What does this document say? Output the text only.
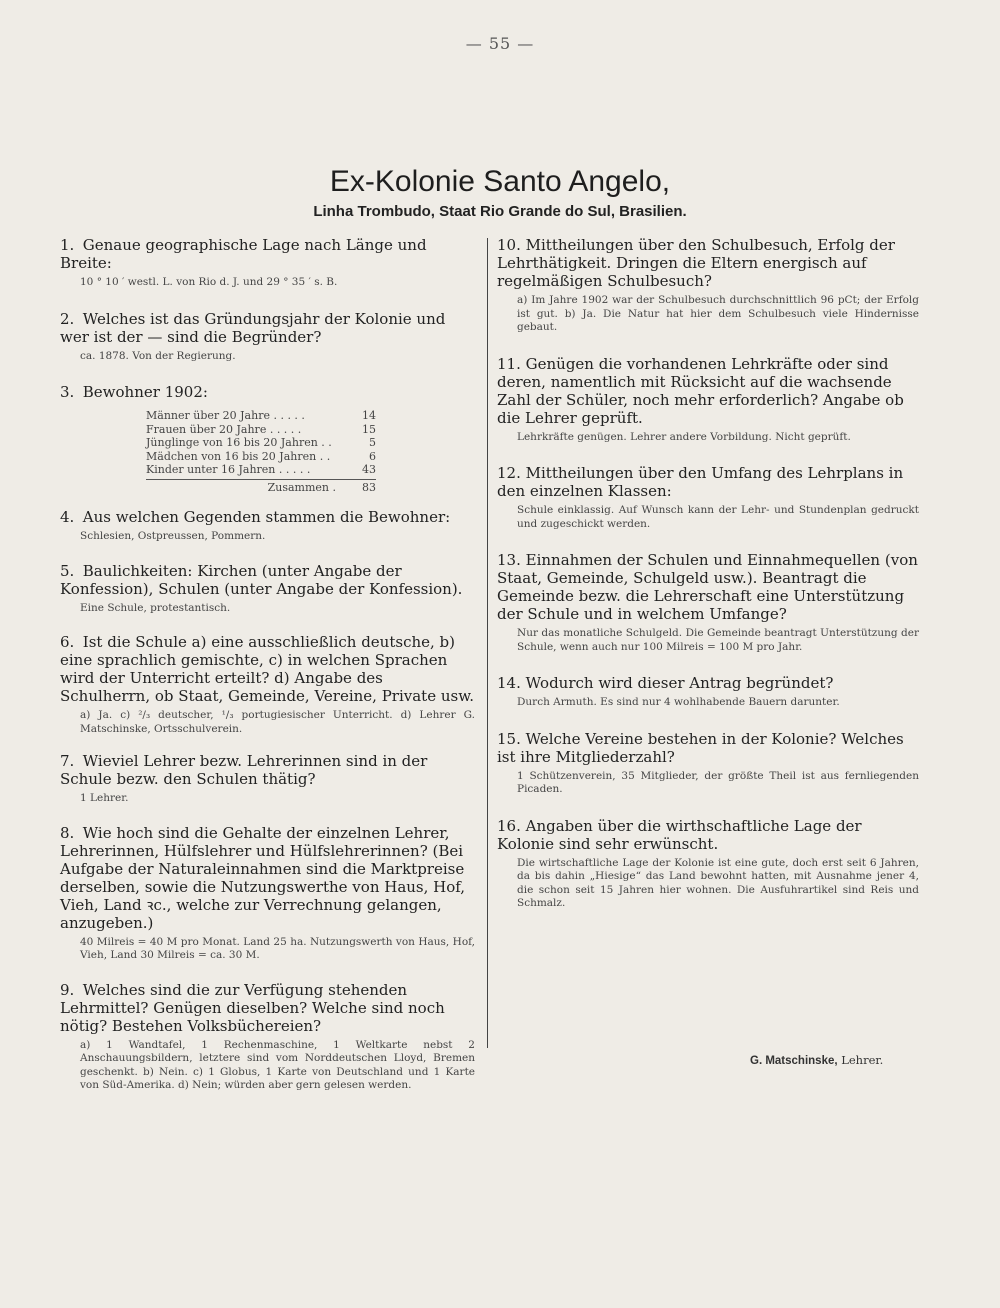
— 55 —
Ex-Kolonie Santo Angelo,
Linha Trombudo, Staat Rio Grande do Sul, Brasilien.
1. Genaue geographische Lage nach Länge und Breite:

10 ° 10 ′ westl. L. von Rio d. J. und 29 ° 35 ′ s. B.

2. Welches ist das Gründungsjahr der Kolonie und wer ist der — sind die Begründer?

ca. 1878. Von der Regierung.

3. Bewohner 1902:
Männer über 20 Jahre . . . . .	14
Frauen über 20 Jahre . . . . .	15
Jünglinge von 16 bis 20 Jahren . .	5
Mädchen von 16 bis 20 Jahren . .	6
Kinder unter 16 Jahren . . . . .	43
Zusammen . 83
4. Aus welchen Gegenden stammen die Bewohner:

Schlesien, Ostpreussen, Pommern.

5. Baulichkeiten: Kirchen (unter Angabe der Konfession), Schulen (unter Angabe der Konfession).

Eine Schule, protestantisch.

6. Ist die Schule a) eine ausschließlich deutsche, b) eine sprachlich gemischte, c) in welchen Sprachen wird der Unterricht erteilt? d) Angabe des Schulherrn, ob Staat, Gemeinde, Vereine, Private usw.

a) Ja. c) ²/₃ deutscher, ¹/₃ portugiesischer Unterricht. d) Lehrer G. Matschinske, Ortsschulverein.

7. Wieviel Lehrer bezw. Lehrerinnen sind in der Schule bezw. den Schulen thätig?

1 Lehrer.

8. Wie hoch sind die Gehalte der einzelnen Lehrer, Lehrerinnen, Hülfslehrer und Hülfslehrerinnen? (Bei Aufgabe der Naturaleinnahmen sind die Marktpreise derselben, sowie die Nutzungswerthe von Haus, Hof, Vieh, Land ꝛc., welche zur Verrechnung gelangen, anzugeben.)

40 Milreis = 40 M pro Monat. Land 25 ha. Nutzungswerth von Haus, Hof, Vieh, Land 30 Milreis = ca. 30 M.

9. Welches sind die zur Verfügung stehenden Lehrmittel? Genügen dieselben? Welche sind noch nötig? Bestehen Volksbüchereien?

a) 1 Wandtafel, 1 Rechenmaschine, 1 Weltkarte nebst 2 Anschauungsbildern, letztere sind vom Norddeutschen Lloyd, Bremen geschenkt. b) Nein. c) 1 Globus, 1 Karte von Deutschland und 1 Karte von Süd-Amerika. d) Nein; würden aber gern gelesen werden.

10. Mittheilungen über den Schulbesuch, Erfolg der Lehrthätigkeit. Dringen die Eltern energisch auf regelmäßigen Schulbesuch?

a) Im Jahre 1902 war der Schulbesuch durchschnittlich 96 pCt; der Erfolg ist gut. b) Ja. Die Natur hat hier dem Schulbesuch viele Hindernisse gebaut.

11. Genügen die vorhandenen Lehrkräfte oder sind deren, namentlich mit Rücksicht auf die wachsende Zahl der Schüler, noch mehr erforderlich? Angabe ob die Lehrer geprüft.

Lehrkräfte genügen. Lehrer andere Vorbildung. Nicht geprüft.

12. Mittheilungen über den Umfang des Lehrplans in den einzelnen Klassen:

Schule einklassig. Auf Wunsch kann der Lehr- und Stundenplan gedruckt und zugeschickt werden.

13. Einnahmen der Schulen und Einnahmequellen (von Staat, Gemeinde, Schulgeld usw.). Beantragt die Gemeinde bezw. die Lehrerschaft eine Unterstützung der Schule und in welchem Umfange?

Nur das monatliche Schulgeld. Die Gemeinde beantragt Unterstützung der Schule, wenn auch nur 100 Milreis = 100 M pro Jahr.

14. Wodurch wird dieser Antrag begründet?

Durch Armuth. Es sind nur 4 wohlhabende Bauern darunter.

15. Welche Vereine bestehen in der Kolonie? Welches ist ihre Mitgliederzahl?

1 Schützenverein, 35 Mitglieder, der größte Theil ist aus fernliegenden Picaden.

16. Angaben über die wirthschaftliche Lage der Kolonie sind sehr erwünscht.

Die wirtschaftliche Lage der Kolonie ist eine gute, doch erst seit 6 Jahren, da bis dahin „Hiesige“ das Land bewohnt hatten, mit Ausnahme jener 4, die schon seit 15 Jahren hier wohnen. Die Ausfuhrartikel sind Reis und Schmalz.

G. Matschinske, Lehrer.
